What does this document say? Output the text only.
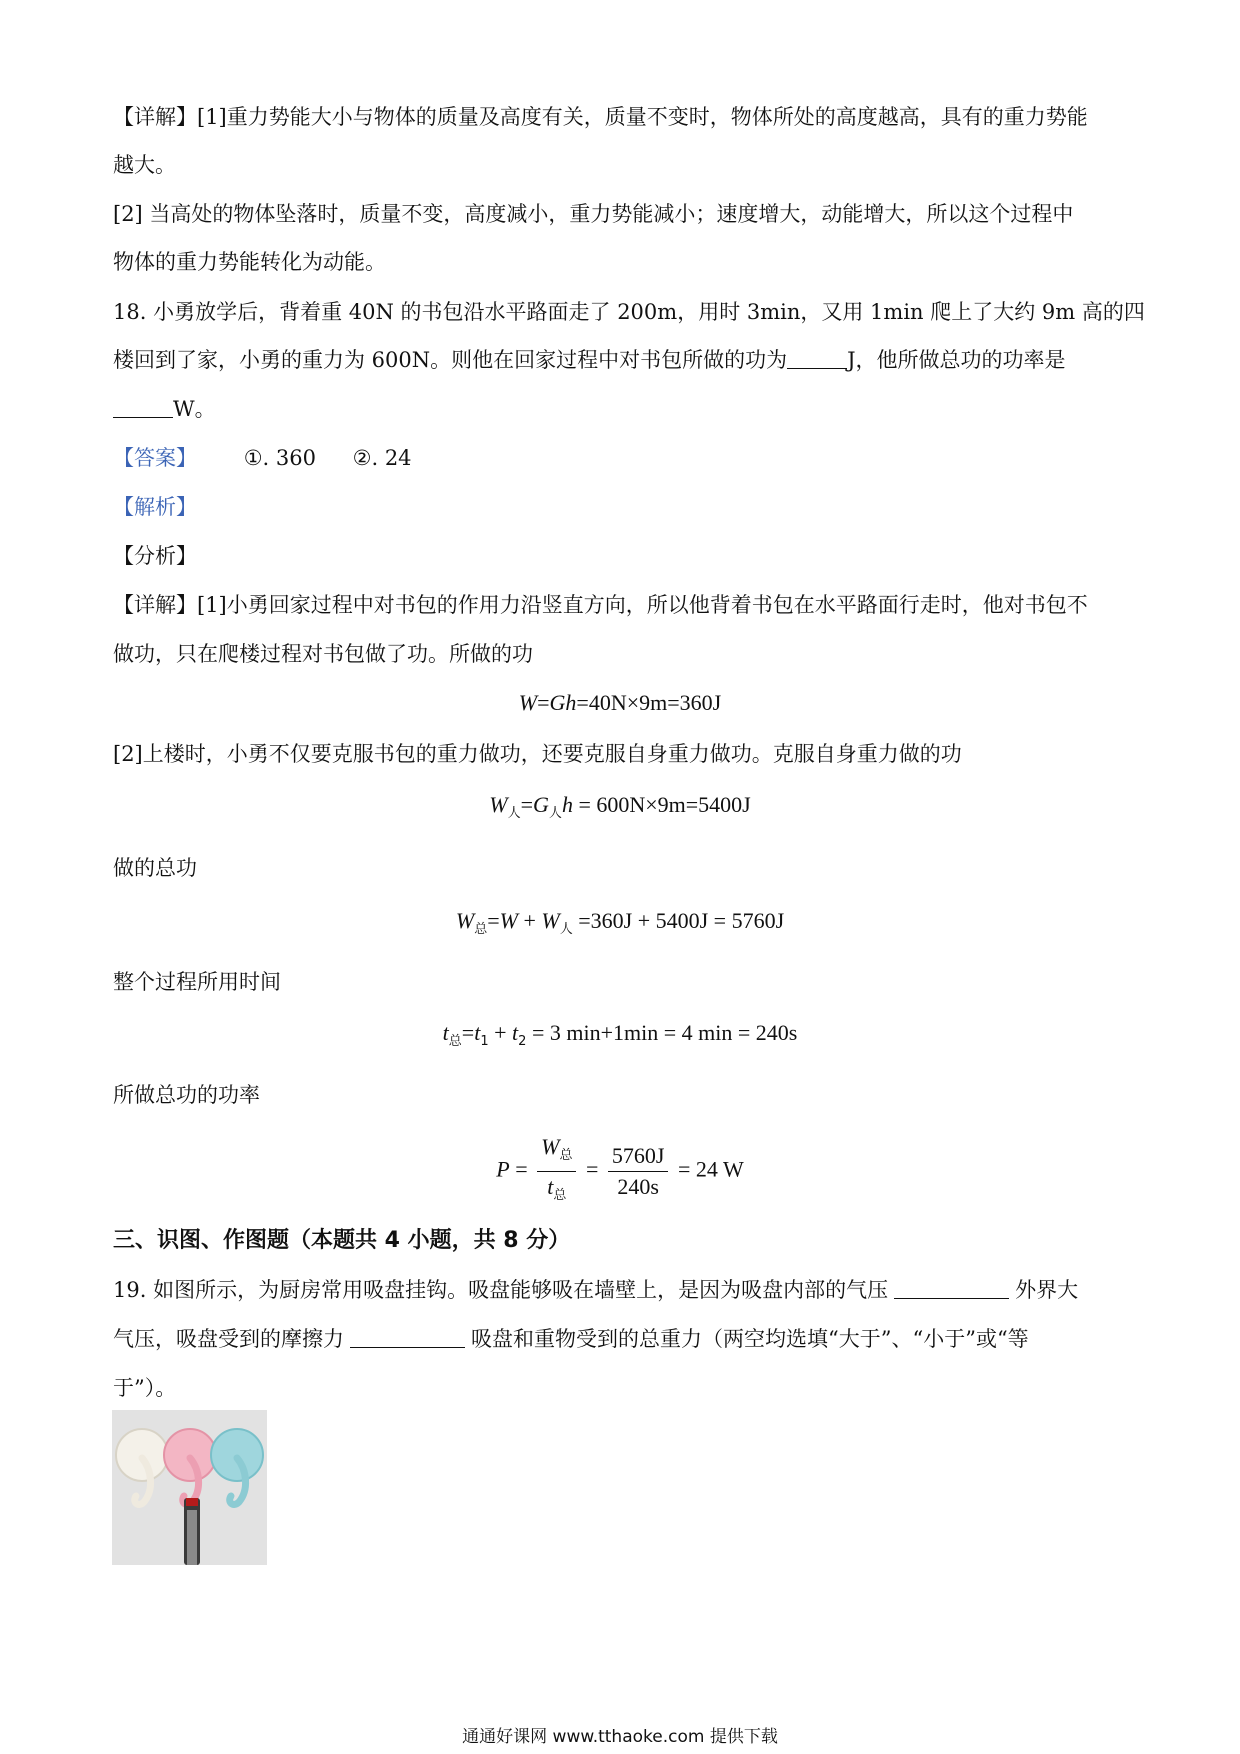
【详解】[1]重力势能大小与物体的质量及高度有关，质量不变时，物体所处的高度越高，具有的重力势能
越大。
[2] 当高处的物体坠落时，质量不变，高度减小，重力势能减小；速度增大，动能增大，所以这个过程中
物体的重力势能转化为动能。
18. 小勇放学后，背着重 40N 的书包沿水平路面走了 200m，用时 3min，又用 1min 爬上了大约 9m 高的四
楼回到了家，小勇的重力为 600N。则他在回家过程中对书包所做的功为	J，他所做总功的功率是
W。
【答案】 ①. 360 ②. 24
【解析】
【分析】
【详解】[1]小勇回家过程中对书包的作用力沿竖直方向，所以他背着书包在水平路面行走时，他对书包不
做功，只在爬楼过程对书包做了功。所做的功
W=Gh=40N×9m=360J
[2]上楼时，小勇不仅要克服书包的重力做功，还要克服自身重力做功。克服自身重力做的功
$W_人=G_人h = 600N\times 9m=5400J$
做的总功
$W_总=W + W_人 =360J + 5400J = 5760J$
整个过程所用时间
$t_总=t_1 + t_2 = 3$ min+1min = 4 min = 240s
所做总功的功率
$P = \frac{W_总}{t_总} = \frac{5760J}{240s} = 24$ W
三、识图、作图题（本题共 4 小题，共 8 分）
19. 如图所示，为厨房常用吸盘挂钩。吸盘能够吸在墙壁上，是因为吸盘内部的气压	外界大
气压，吸盘受到的摩擦力	吸盘和重物受到的总重力（两空均选填“大于”、“小于”或“等
于”）。
通通好课网 www.tthaoke.com 提供下载
